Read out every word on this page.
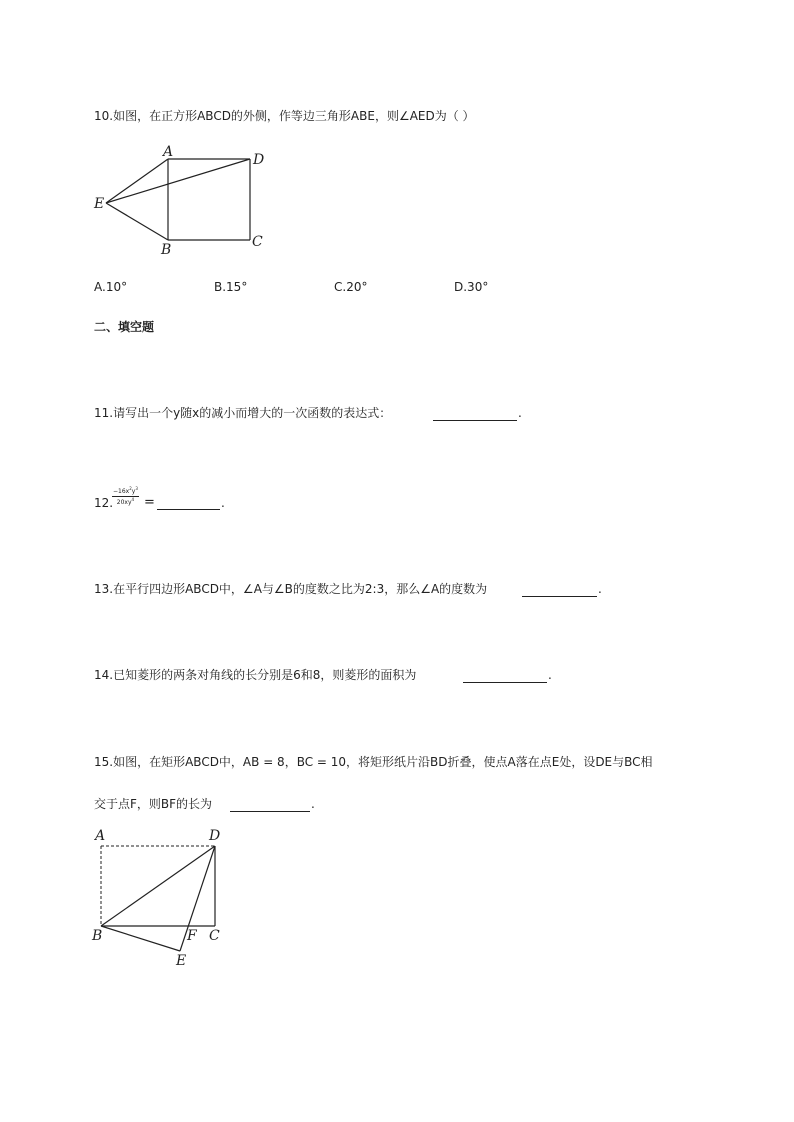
10.如图，在正方形ABCD的外侧，作等边三角形ABE，则∠AED为（ ）
A	D
E
B	C
A.10°	B.15°	C.20°	D.30°
二、填空题
11.请写出一个y随x的减小而增大的一次函数的表达式：	.
12.
$\frac{-16x^2y^3}{20xy^4}$ =	.
13.在平行四边形ABCD中，∠A与∠B的度数之比为2:3，那么∠A的度数为	.
14.已知菱形的两条对角线的长分别是6和8，则菱形的面积为	.
15.如图，在矩形ABCD中，AB = 8，BC = 10，将矩形纸片沿BD折叠，使点A落在点E处，设DE与BC相
交于点F，则BF的长为	.
A	D
B	F C
E
